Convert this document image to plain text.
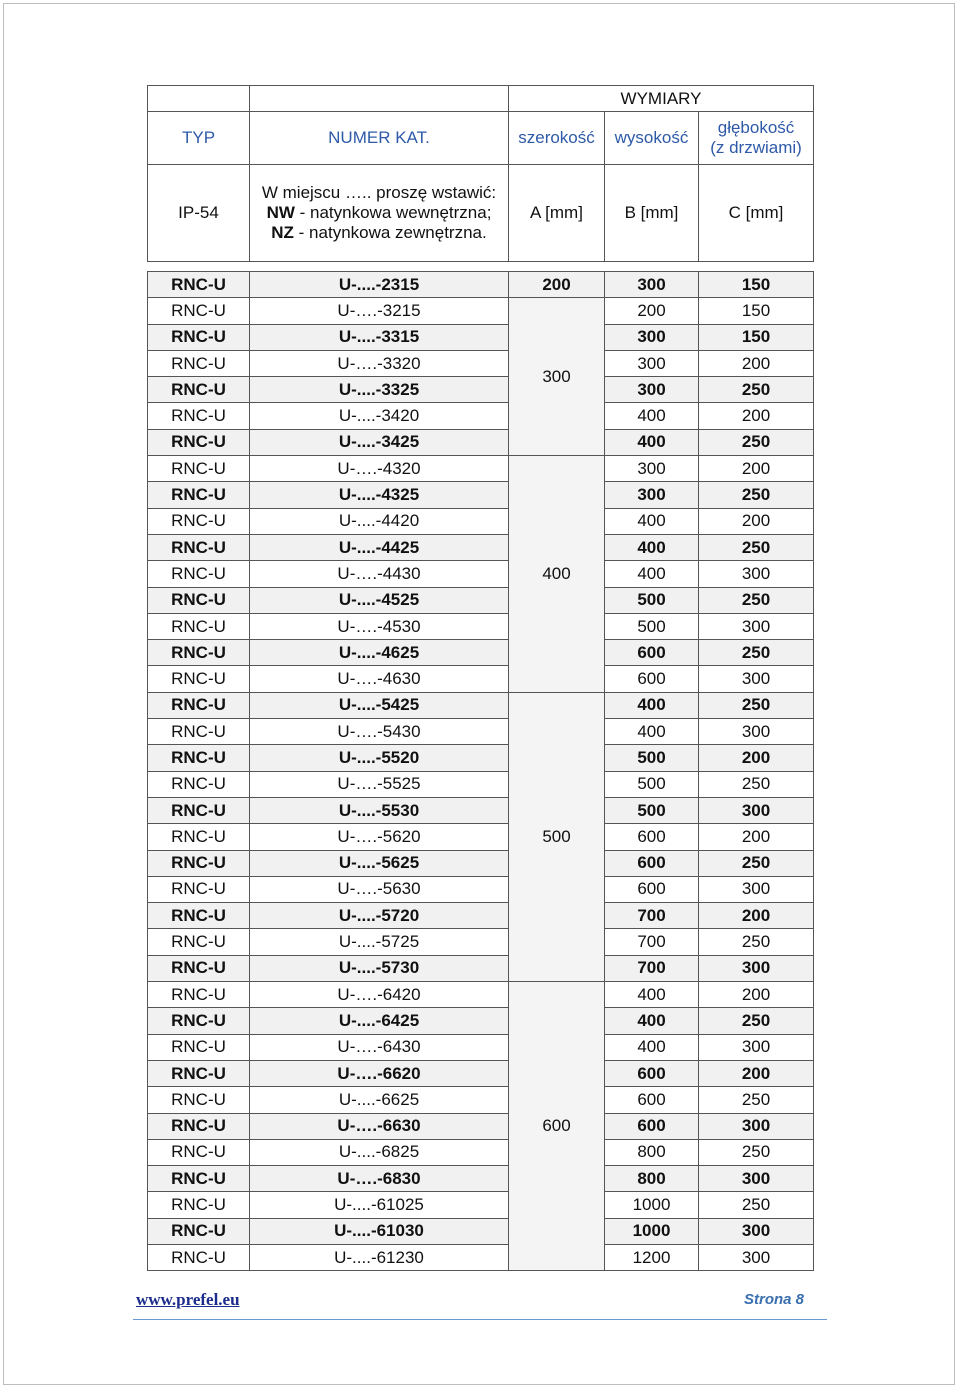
		WYMIARY		
TYP	NUMER KAT.	szerokość	wysokość	głębokość
(z drzwiami)

IP-54	W miejscu ….. proszę wstawić:
NW - natynkowa wewnętrzna;
NZ - natynkowa zewnętrzna.	A [mm]	B [mm]	C [mm]

RNC-U	U-....-2315	200	300	150
RNC-U	U-….-3215	300	200	150
RNC-U	U-....-3315		300	150
RNC-U	U-….-3320		300	200
RNC-U	U-....-3325		300	250
RNC-U	U-....-3420		400	200
RNC-U	U-....-3425		400	250
RNC-U	U-….-4320	400	300	200
RNC-U	U-....-4325		300	250
RNC-U	U-....-4420		400	200
RNC-U	U-....-4425		400	250
RNC-U	U-….-4430		400	300
RNC-U	U-....-4525		500	250
RNC-U	U-….-4530		500	300
RNC-U	U-....-4625		600	250
RNC-U	U-….-4630		600	300
RNC-U	U-....-5425	500	400	250
RNC-U	U-….-5430		400	300
RNC-U	U-....-5520		500	200
RNC-U	U-….-5525		500	250
RNC-U	U-....-5530		500	300
RNC-U	U-….-5620		600	200
RNC-U	U-....-5625		600	250
RNC-U	U-….-5630		600	300
RNC-U	U-....-5720		700	200
RNC-U	U-....-5725		700	250
RNC-U	U-....-5730		700	300
RNC-U	U-….-6420	600	400	200
RNC-U	U-....-6425		400	250
RNC-U	U-….-6430		400	300
RNC-U	U-….-6620		600	200
RNC-U	U-....-6625		600	250
RNC-U	U-….-6630		600	300
RNC-U	U-....-6825		800	250
RNC-U	U-….-6830		800	300
RNC-U	U-....-61025		1000	250
RNC-U	U-....-61030		1000	300
RNC-U	U-....-61230		1200	300
www.prefel.eu	Strona 8
